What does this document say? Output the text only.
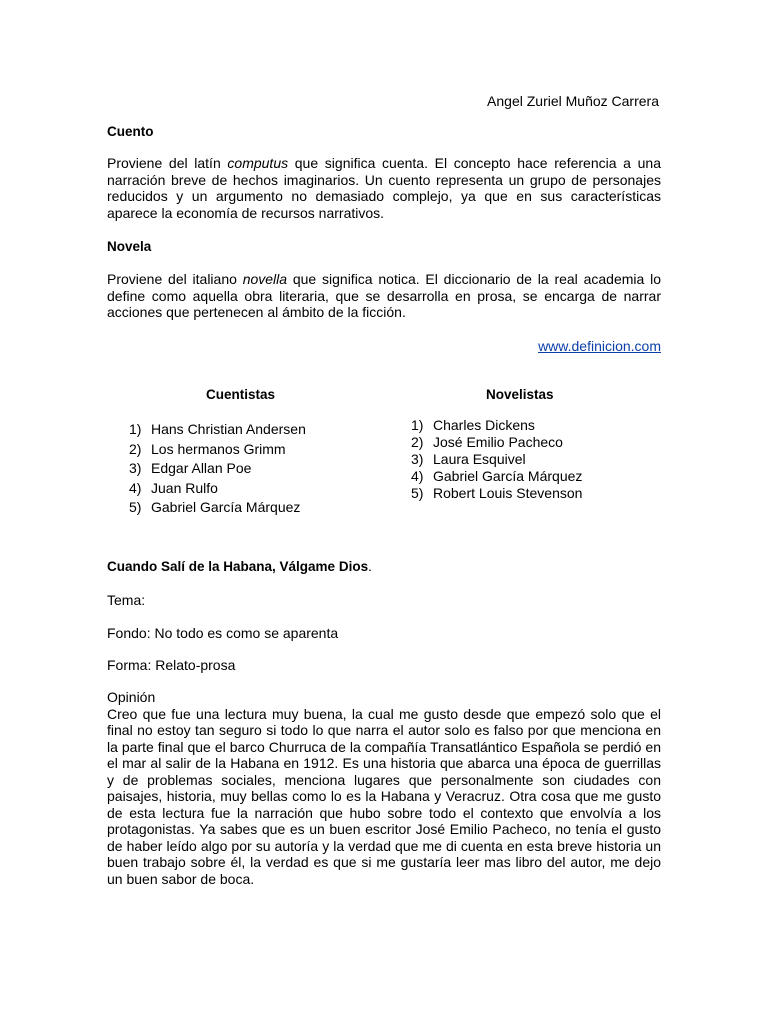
Angel Zuriel Muñoz Carrera
Cuento
Proviene del latín computus que significa cuenta. El concepto hace referencia a una narración breve de hechos imaginarios. Un cuento representa un grupo de personajes reducidos y un argumento no demasiado complejo, ya que en sus características aparece la economía de recursos narrativos.
Novela
Proviene del italiano novella que significa notica. El diccionario de la real academia lo define como aquella obra literaria, que se desarrolla en prosa, se encarga de narrar acciones que pertenecen al ámbito de la ficción.
www.definicion.com
Cuentistas	Novelistas
1) Hans Christian Andersen
2) Los hermanos Grimm
3) Edgar Allan Poe
4) Juan Rulfo
5) Gabriel García Márquez
1) Charles Dickens
2) José Emilio Pacheco
3) Laura Esquivel
4) Gabriel García Márquez
5) Robert Louis Stevenson
Cuando Salí de la Habana, Válgame Dios.
Tema:
Fondo: No todo es como se aparenta
Forma: Relato-prosa
Opinión
Creo que fue una lectura muy buena, la cual me gusto desde que empezó solo que el final no estoy tan seguro si todo lo que narra el autor solo es falso por que menciona en la parte final que el barco Churruca de la compañía Transatlántico Española se perdió en el mar al salir de la Habana en 1912. Es una historia que abarca una época de guerrillas y de problemas sociales, menciona lugares que personalmente son ciudades con paisajes, historia, muy bellas como lo es la Habana y Veracruz. Otra cosa que me gusto de esta lectura fue la narración que hubo sobre todo el contexto que envolvía a los protagonistas. Ya sabes que es un buen escritor José Emilio Pacheco, no tenía el gusto de haber leído algo por su autoría y la verdad que me di cuenta en esta breve historia un buen trabajo sobre él, la verdad es que si me gustaría leer mas libro del autor, me dejo un buen sabor de boca.
